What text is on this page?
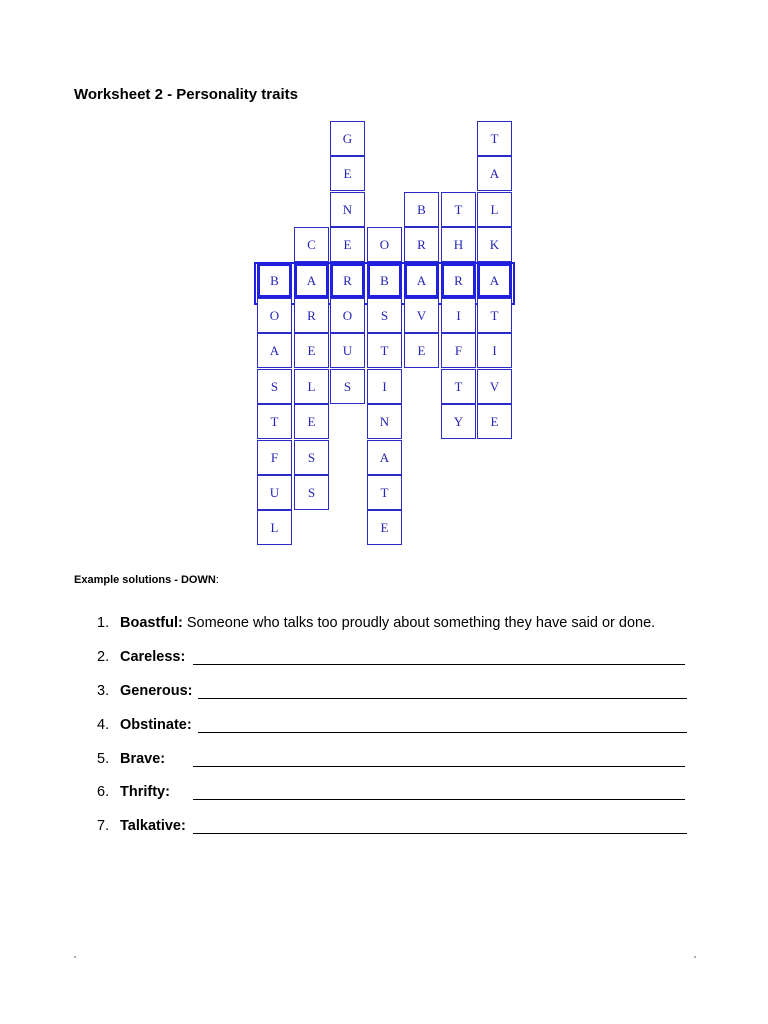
Worksheet 2 - Personality traits
B
O
A
S
T
F
U
L
C
A
R
E
L
E
S
S
G
E
N
E
R
O
U
S
O
B
S
T
I
N
A
T
E
B
R
A
V
E
T
H
R
I
F
T
Y
T
A
L
K
A
T
I
V
E
Example solutions - DOWN:
1. Boastful: Someone who talks too proudly about something they have said or done.
2. Careless:
3. Generous:
4. Obstinate:
5. Brave:
6. Thrifty:
7. Talkative:
